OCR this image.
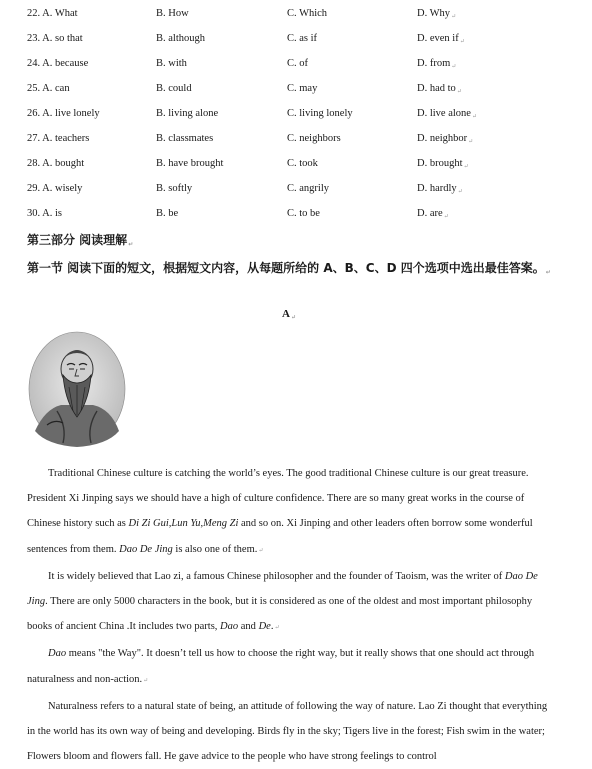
22. A. What	B. How	C. Which	D. Why↵
23. A. so that	B. although	C. as if	D. even if↵
24. A. because	B. with	C. of	D. from↵
25. A. can	B. could	C. may	D. had to↵
26. A. live lonely	B. living alone	C. living lonely	D. live alone↵
27. A. teachers	B. classmates	C. neighbors	D. neighbor↵
28. A. bought	B. have brought	C. took	D. brought↵
29. A. wisely	B. softly	C. angrily	D. hardly↵
30. A. is	B. be	C. to be	D. are↵
第三部分 阅读理解↵
第一节 阅读下面的短文，根据短文内容，从每题所给的 A、B、C、D 四个选项中选出最佳答案。↵
A↵

Traditional Chinese culture is catching the world’s eyes. The good traditional Chinese culture is our great treasure. President Xi Jinping says we should have a high of culture confidence. There are so many great works in the course of Chinese history such as Di Zi Gui,Lun Yu,Meng Zi and so on. Xi Jinping and other leaders often borrow some wonderful sentences from them. Dao De Jing is also one of them.↵

It is widely believed that Lao zi, a famous Chinese philosopher and the founder of Taoism, was the writer of Dao De Jing. There are only 5000 characters in the book, but it is considered as one of the oldest and most important philosophy books of ancient China .It includes two parts, Dao and De.↵

Dao means "the Way". It doesn’t tell us how to choose the right way, but it really shows that one should act through naturalness and non-action.↵

Naturalness refers to a natural state of being, an attitude of following the way of nature. Lao Zi thought that everything in the world has its own way of being and developing. Birds fly in the sky; Tigers live in the forest; Fish swim in the water; Flowers bloom and flowers fall. He gave advice to the people who have strong feelings to control
